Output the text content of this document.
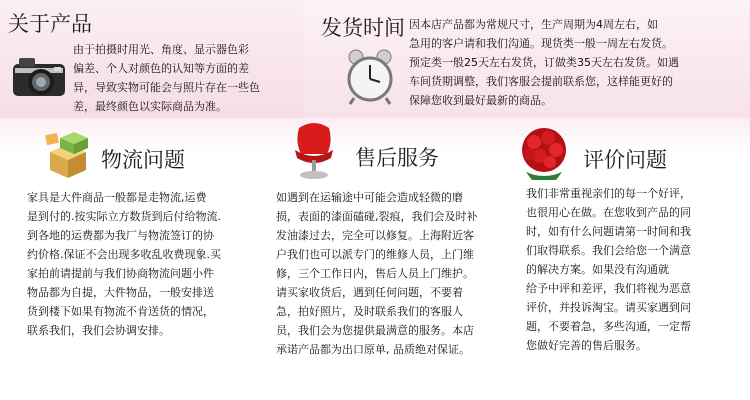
关于产品

由于拍摄时用光、角度、显示器色彩
偏差、个人对颜色的认知等方面的差
异，导致实物可能会与照片存在一些色
差，最终颜色以实际商品为准。

发货时间 因本店产品都为常规尺寸，生产周期为4周左右，如
急用的客户请和我们沟通。现货类一般一周左右发货。
预定类一般25天左右发货，订做类35天左右发货。如遇
车间货期调整，我们客服会提前联系您，这样能更好的
保障您收到最好最新的商品。

物流问题

家具是大件商品一般都是走物流,运费
是到付的.按实际立方数货到后付给物流.
到各地的运费都为我厂与物流签订的协
约价格.保证不会出现多收乱收费现象.买
家拍前请提前与我们协商物流问题小件
物品都为自提，大件物品，一般安排送
货到楼下如果有物流不肯送货的情况，
联系我们，我们会协调安排。

售后服务

如遇到在运输途中可能会造成轻微的磨
损，表面的漆面磕碰,裂痕，我们会及时补
发油漆过去，完全可以修复。上海附近客
户我们也可以派专门的维修人员，上门维
修，三个工作日内，售后人员上门维护。
请买家收货后，遇到任何问题，不要着
急，拍好照片，及时联系我们的客服人
员，我们会为您提供最满意的服务。本店
承诺产品都为出口原单, 品质绝对保证。

评价问题

我们非常重视亲们的每一个好评，
也很用心在做。在您收到产品的同
时，如有什么问题请第一时间和我
们取得联系。我们会给您一个满意
的解决方案。如果没有沟通就
给予中评和差评，我们将视为恶意
评价，并投诉淘宝。请买家遇到问
题，不要着急，多些沟通，一定帮
您做好完善的售后服务。
